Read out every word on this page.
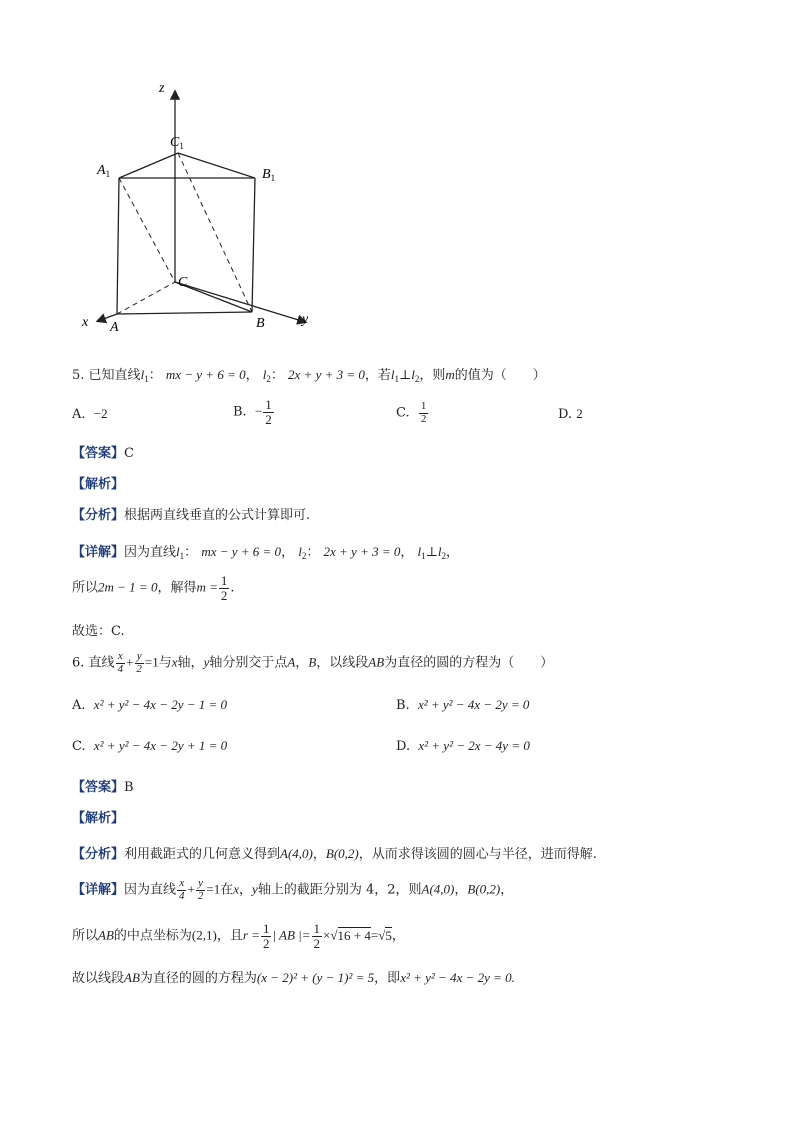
z
$C_1$
$A_1$	$B_1$
C
x A	B	y
5. 已知直线$l_1$： mx − y + 6 = 0， $l_2$： 2x + y + 3 = 0，若$l_1\perp l_2$，则m的值为（　　）
A. −2	B. − $\frac{1}{2}$	C. $\frac{1}{2}$	D. 2
【答案】C
【解析】
【分析】根据两直线垂直的公式计算即可.
【详解】因为直线$l_1$： mx − y + 6 = 0， $l_2$： 2x + y + 3 = 0， $l_1\perp l_2$，
所以2m − 1 = 0，解得$m = \frac{1}{2}$ .
故选：C.
6. 直线 $\frac{x}{4} + \frac{y}{2} =1$与x轴，y轴分别交于点A，B，以线段AB为直径的圆的方程为（　　）
A. x² + y² − 4x − 2y − 1 = 0	B. x² + y² − 4x − 2y = 0
C. x² + y² − 4x − 2y + 1 = 0	D. x² + y² − 2x − 4y = 0
【答案】B
【解析】
【分析】利用截距式的几何意义得到A(4,0)，B(0,2)，从而求得该圆的圆心与半径，进而得解.
【详解】因为直线 $\frac{x}{4} + \frac{y}{2} =1$在x，y轴上的截距分别为 4，2，则A(4,0)，B(0,2)，
所以AB的中点坐标为(2,1)，且$r = \frac{1}{2}$ | AB |= $\frac{1}{2} \times√16 + 4=√5$，
故以线段AB为直径的圆的方程为(x − 2)² + (y − 1)² = 5，即x² + y² − 4x − 2y = 0.
